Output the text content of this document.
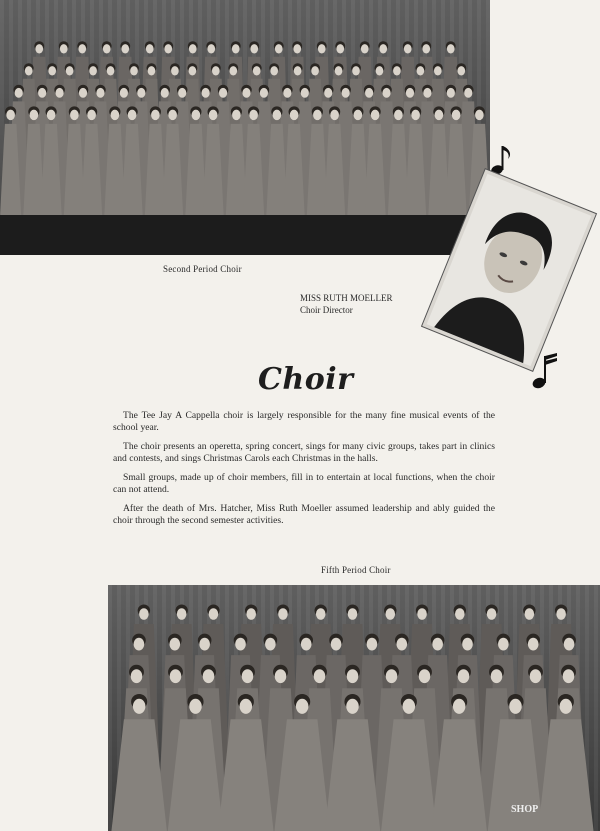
Second Period Choir
MISS RUTH MOELLER
Choir Director
Choir

The Tee Jay A Cappella choir is largely responsible for the many fine musical events of the school year.

The choir presents an operetta, spring concert, sings for many civic groups, takes part in clinics and contests, and sings Christmas Carols each Christmas in the halls.

Small groups, made up of choir members, fill in to entertain at local functions, when the choir can not attend.

After the death of Mrs. Hatcher, Miss Ruth Moeller assumed leadership and ably guided the choir through the second semester activities.

Fifth Period Choir
SHOP
